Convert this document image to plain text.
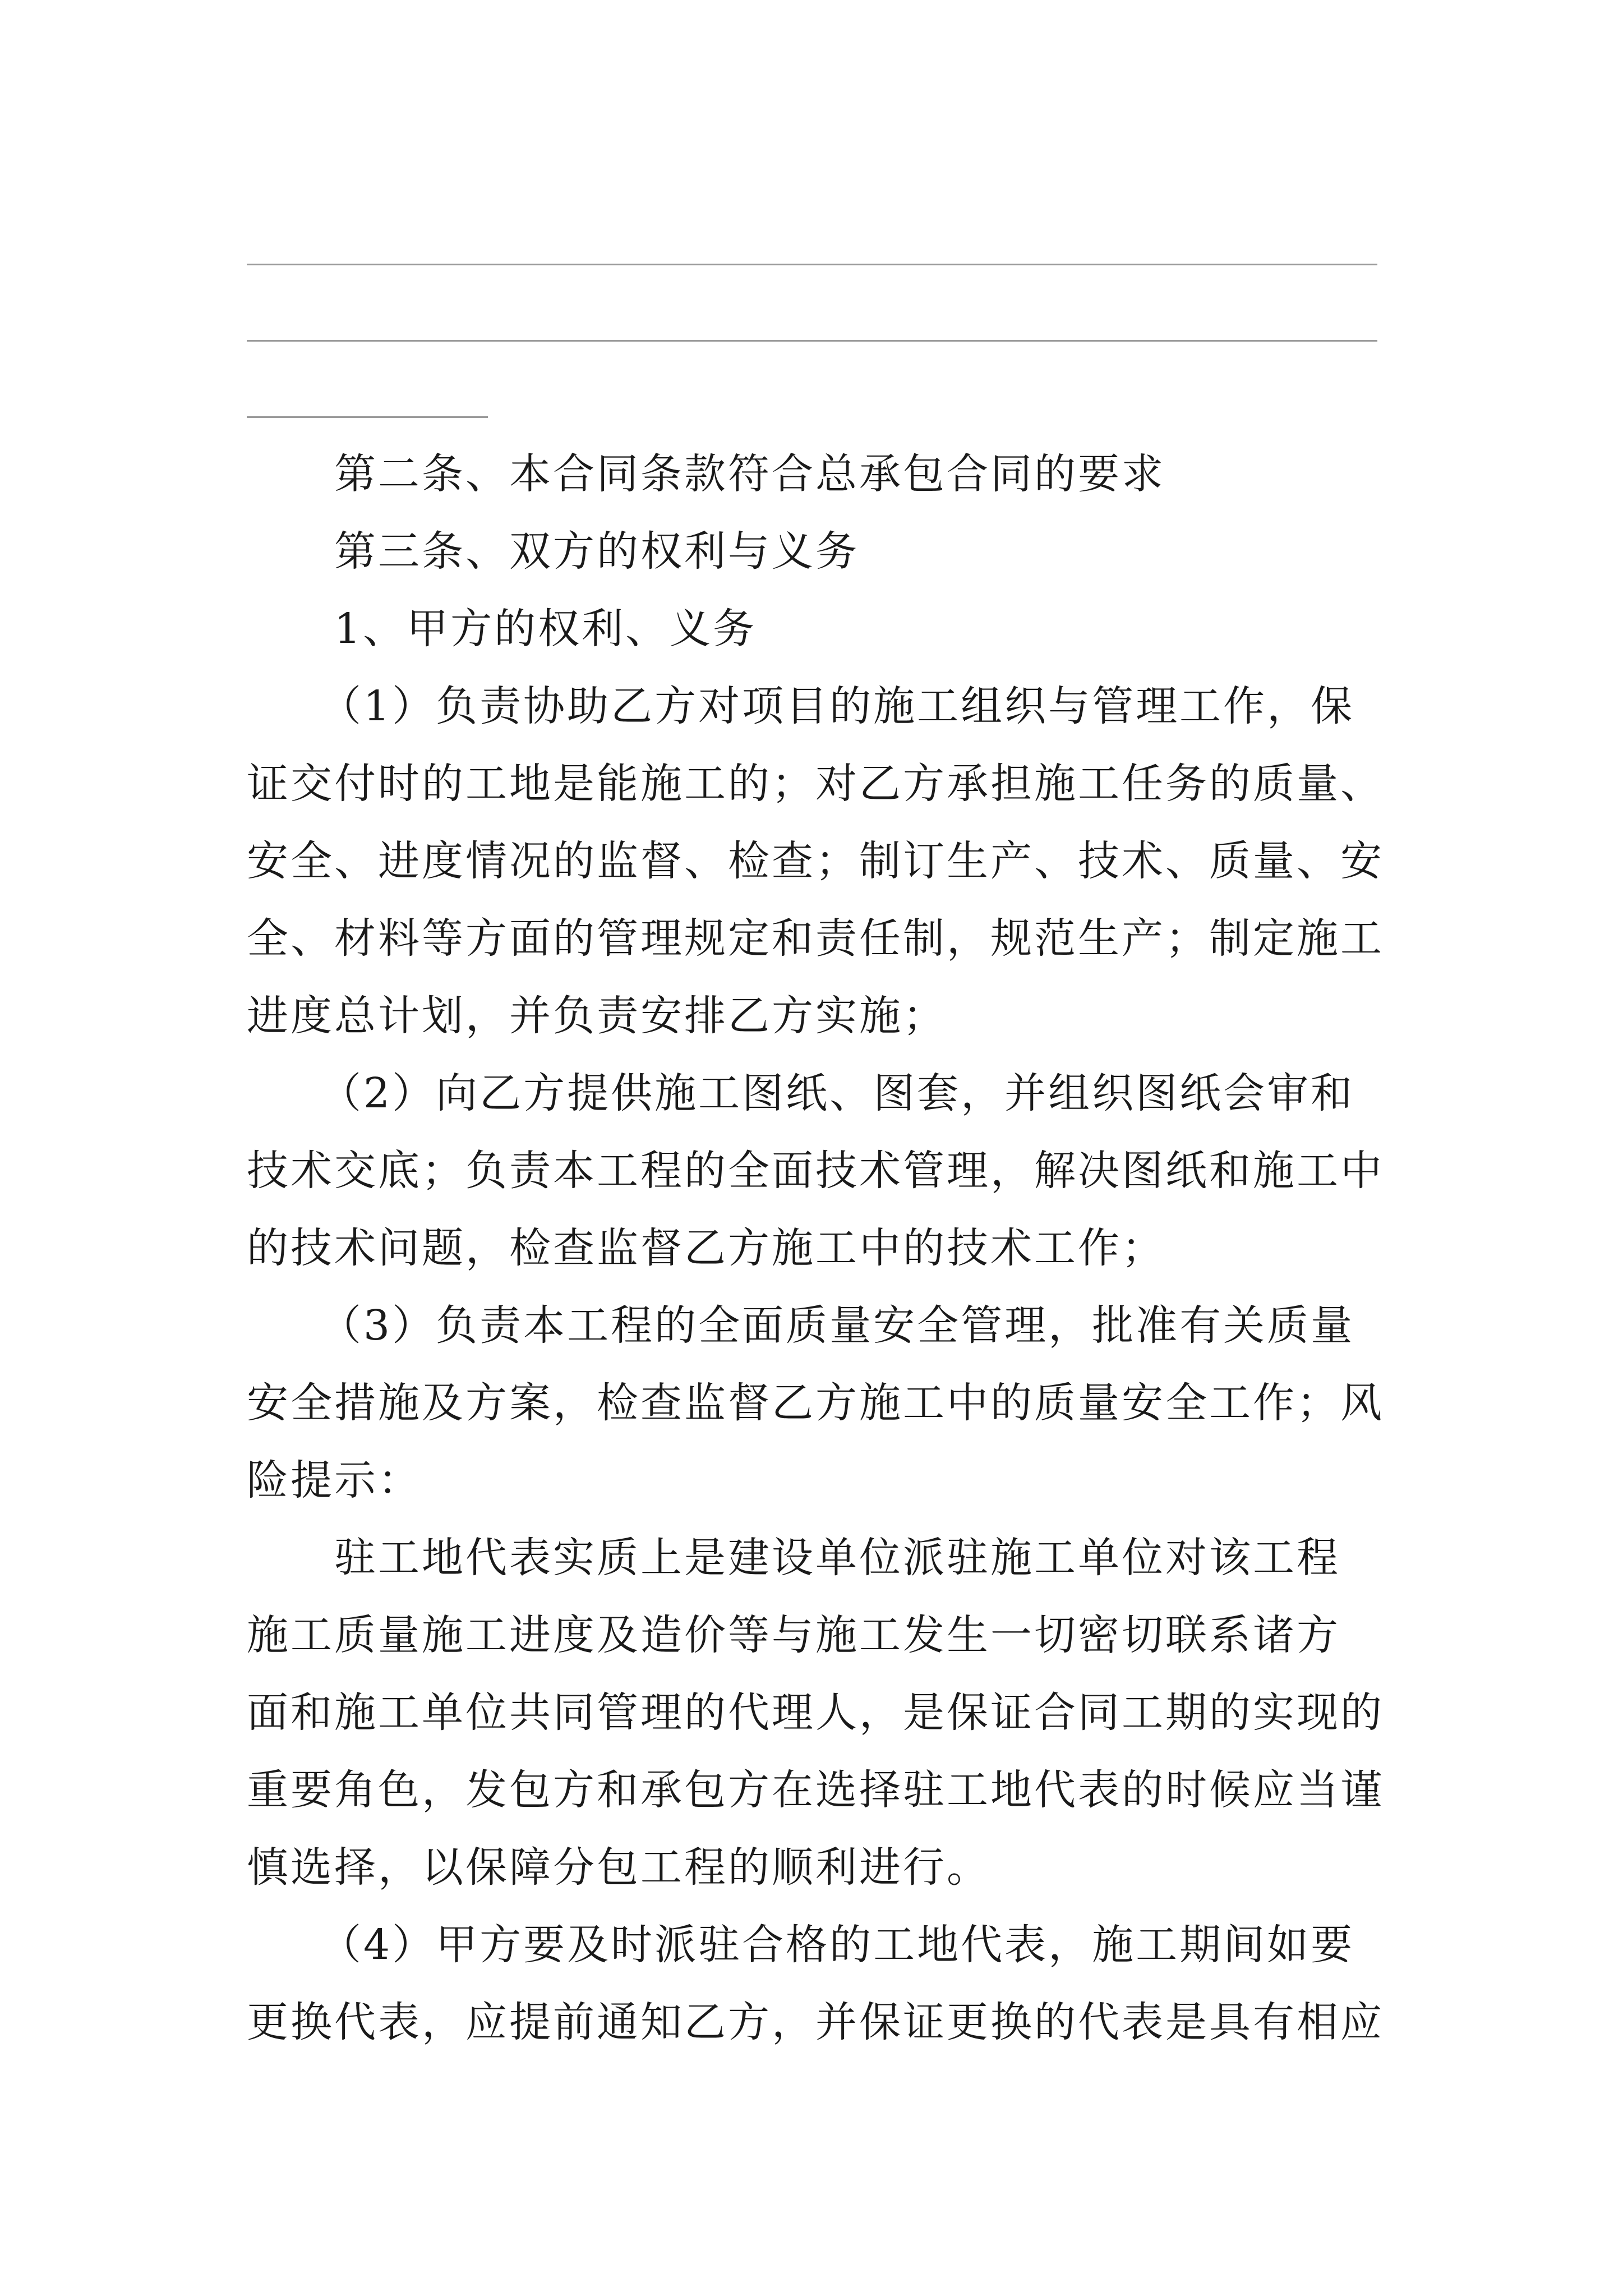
第二条、本合同条款符合总承包合同的要求
第三条、双方的权利与义务
1、甲方的权利、义务
（1）负责协助乙方对项目的施工组织与管理工作，保
证交付时的工地是能施工的；对乙方承担施工任务的质量、
安全、进度情况的监督、检查；制订生产、技术、质量、安
全、材料等方面的管理规定和责任制，规范生产；制定施工
进度总计划，并负责安排乙方实施；
（2）向乙方提供施工图纸、图套，并组织图纸会审和
技术交底；负责本工程的全面技术管理，解决图纸和施工中
的技术问题，检查监督乙方施工中的技术工作；
（3）负责本工程的全面质量安全管理，批准有关质量
安全措施及方案，检查监督乙方施工中的质量安全工作；风
险提示：
驻工地代表实质上是建设单位派驻施工单位对该工程
施工质量施工进度及造价等与施工发生一切密切联系诸方
面和施工单位共同管理的代理人，是保证合同工期的实现的
重要角色，发包方和承包方在选择驻工地代表的时候应当谨
慎选择，以保障分包工程的顺利进行。
（4）甲方要及时派驻合格的工地代表，施工期间如要
更换代表，应提前通知乙方，并保证更换的代表是具有相应
